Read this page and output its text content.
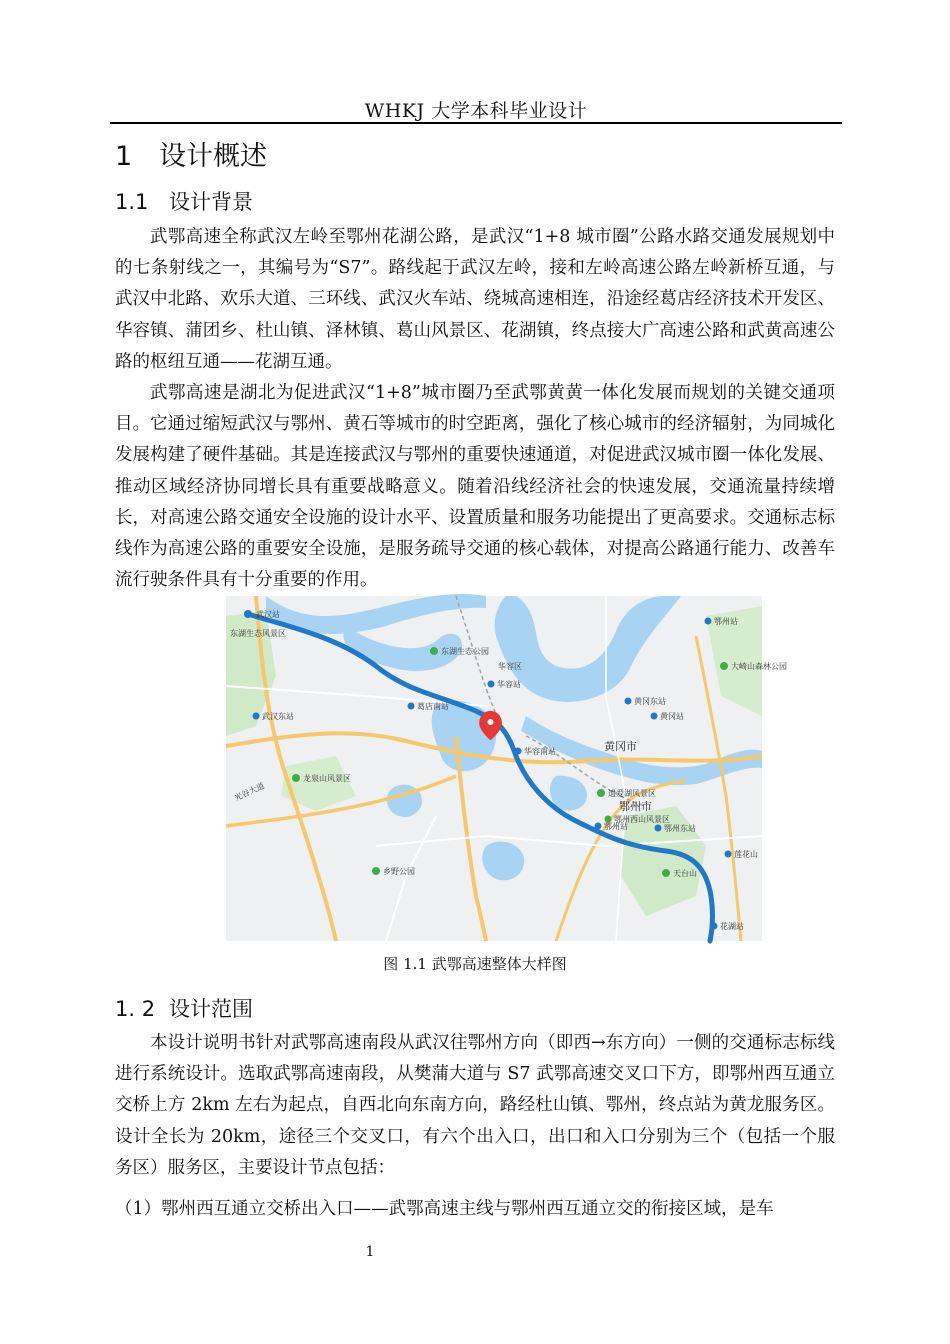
WHKJ 大学本科毕业设计
1 设计概述
1.1 设计背景

武鄂高速全称武汉左岭至鄂州花湖公路，是武汉“1+8 城市圈”公路水路交通发展规划中的七条射线之一，其编号为“S7”。路线起于武汉左岭，接和左岭高速公路左岭新桥互通，与武汉中北路、欢乐大道、三环线、武汉火车站、绕城高速相连，沿途经葛店经济技术开发区、华容镇、蒲团乡、杜山镇、泽林镇、葛山风景区、花湖镇，终点接大广高速公路和武黄高速公路的枢纽互通——花湖互通。

武鄂高速是湖北为促进武汉“1+8”城市圈乃至武鄂黄黄一体化发展而规划的关键交通项目。它通过缩短武汉与鄂州、黄石等城市的时空距离，强化了核心城市的经济辐射，为同城化发展构建了硬件基础。其是连接武汉与鄂州的重要快速通道，对促进武汉城市圈一体化发展、推动区域经济协同增长具有重要战略意义。随着沿线经济社会的快速发展，交通流量持续增长，对高速公路交通安全设施的设计水平、设置质量和服务功能提出了更高要求。交通标志标线作为高速公路的重要安全设施，是服务疏导交通的核心载体，对提高公路通行能力、改善车流行驶条件具有十分重要的作用。

武汉站
东湖生态公园
东湖生态风景区
华容区
华容站
葛店南站
华容南站
武汉东站
龙泉山风景区
光谷大道
黄冈市
黄冈东站
黄冈站
鄂州市
鄂州站	鄂州东站
鄂州西山风景区
遗爱湖风景区
乡野公园	天台山
花湖站
鄂州站
大崎山森林公园
莲花山
图 1.1 武鄂高速整体大样图
1. 2 设计范围

本设计说明书针对武鄂高速南段从武汉往鄂州方向（即西→东方向）一侧的交通标志标线进行系统设计。选取武鄂高速南段，从樊蒲大道与 S7 武鄂高速交叉口下方，即鄂州西互通立交桥上方 2km 左右为起点，自西北向东南方向，路经杜山镇、鄂州，终点站为黄龙服务区。设计全长为 20km，途径三个交叉口，有六个出入口，出口和入口分别为三个（包括一个服务区）服务区，主要设计节点包括：

（1）鄂州西互通立交桥出入口——武鄂高速主线与鄂州西互通立交的衔接区域，是车

1
